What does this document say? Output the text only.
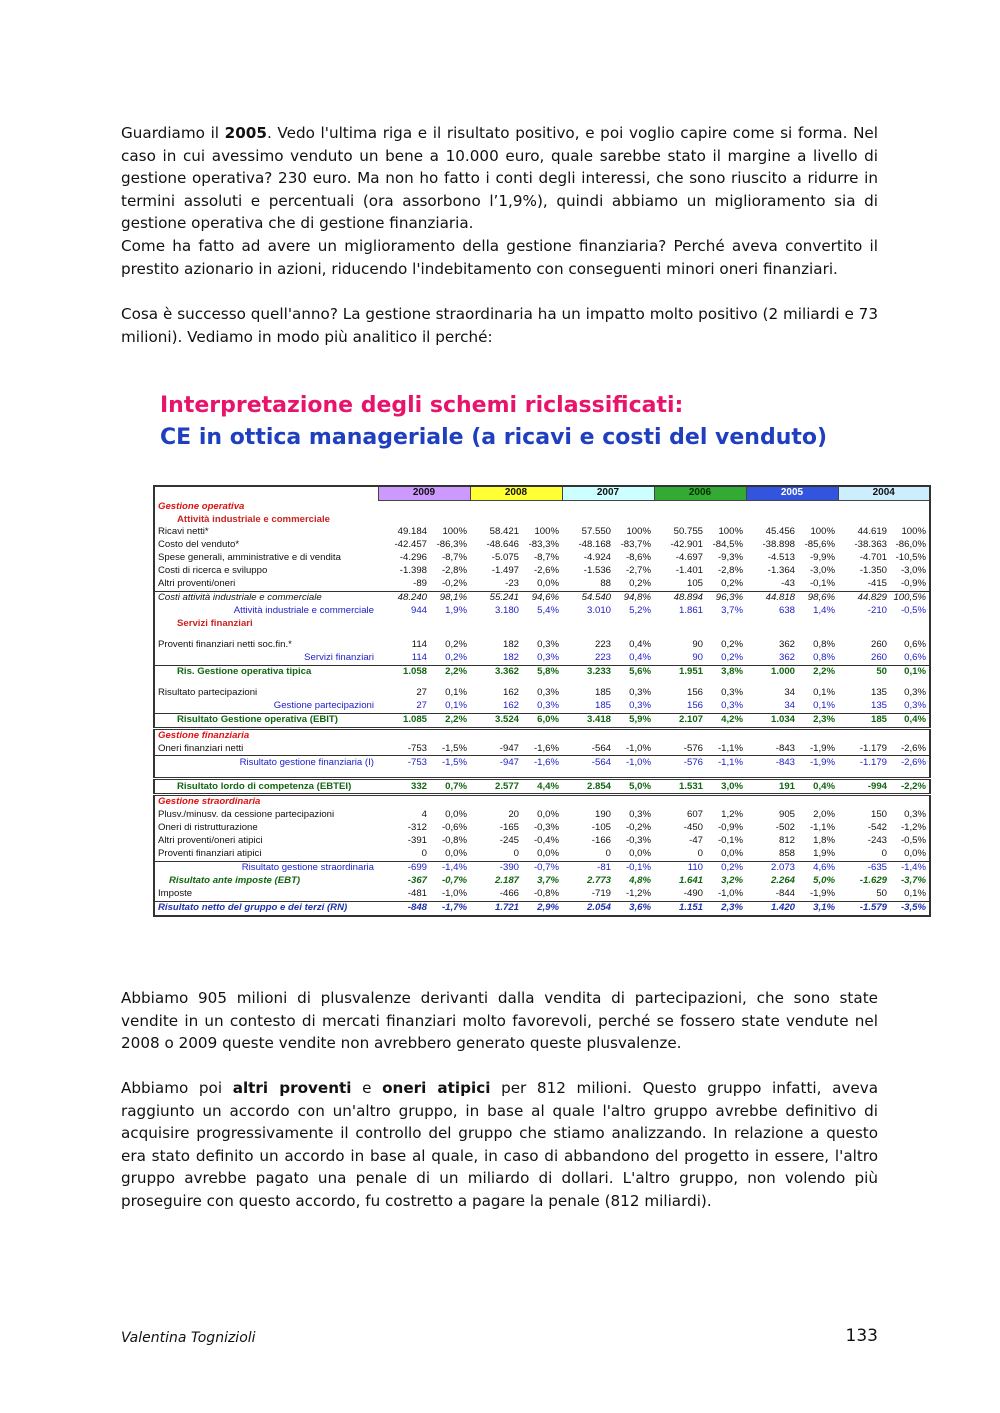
Guardiamo il 2005. Vedo l'ultima riga e il risultato positivo, e poi voglio capire come si forma. Nel caso in cui avessimo venduto un bene a 10.000 euro, quale sarebbe stato il margine a livello di gestione operativa? 230 euro. Ma non ho fatto i conti degli interessi, che sono riuscito a ridurre in termini assoluti e percentuali (ora assorbono l’1,9%), quindi abbiamo un miglioramento sia di gestione operativa che di gestione finanziaria.

Come ha fatto ad avere un miglioramento della gestione finanziaria? Perché aveva convertito il prestito azionario in azioni, riducendo l'indebitamento con conseguenti minori oneri finanziari.

Cosa è successo quell'anno? La gestione straordinaria ha un impatto molto positivo (2 miliardi e 73 milioni). Vediamo in modo più analitico il perché:

Interpretazione degli schemi riclassificati:

CE in ottica manageriale (a ricavi e costi del venduto)

	2009		2008		2007		2006		2005		2004	
Gestione operativa												
Attività industriale e commerciale												
Ricavi netti*	49.184	100%	58.421	100%	57.550	100%	50.755	100%	45.456	100%	44.619	100%
Costo del venduto*	-42.457	-86,3%	-48.646	-83,3%	-48.168	-83,7%	-42.901	-84,5%	-38.898	-85,6%	-38.363	-86,0%
Spese generali, amministrative e di vendita	-4.296	-8,7%	-5.075	-8,7%	-4.924	-8,6%	-4.697	-9,3%	-4.513	-9,9%	-4.701	-10,5%
Costi di ricerca e sviluppo	-1.398	-2,8%	-1.497	-2,6%	-1.536	-2,7%	-1.401	-2,8%	-1.364	-3,0%	-1.350	-3,0%
Altri proventi/oneri	-89	-0,2%	-23	0,0%	88	0,2%	105	0,2%	-43	-0,1%	-415	-0,9%
Costi attività industriale e commerciale	48.240	98,1%	55.241	94,6%	54.540	94,8%	48.894	96,3%	44.818	98,6%	44.829	100,5%
Attività industriale e commerciale	944	1,9%	3.180	5,4%	3.010	5,2%	1.861	3,7%	638	1,4%	-210	-0,5%
Servizi finanziari												

Proventi finanziari netti soc.fin.*	114	0,2%	182	0,3%	223	0,4%	90	0,2%	362	0,8%	260	0,6%
Servizi finanziari	114	0,2%	182	0,3%	223	0,4%	90	0,2%	362	0,8%	260	0,6%
Ris. Gestione operativa tipica	1.058	2,2%	3.362	5,8%	3.233	5,6%	1.951	3,8%	1.000	2,2%	50	0,1%

Risultato partecipazioni	27	0,1%	162	0,3%	185	0,3%	156	0,3%	34	0,1%	135	0,3%
Gestione partecipazioni	27	0,1%	162	0,3%	185	0,3%	156	0,3%	34	0,1%	135	0,3%
Risultato Gestione operativa (EBIT)	1.085	2,2%	3.524	6,0%	3.418	5,9%	2.107	4,2%	1.034	2,3%	185	0,4%
Gestione finanziaria												
Oneri finanziari netti	-753	-1,5%	-947	-1,6%	-564	-1,0%	-576	-1,1%	-843	-1,9%	-1.179	-2,6%
Risultato gestione finanziaria (I)	-753	-1,5%	-947	-1,6%	-564	-1,0%	-576	-1,1%	-843	-1,9%	-1.179	-2,6%

Risultato lordo di competenza (EBTEI)	332	0,7%	2.577	4,4%	2.854	5,0%	1.531	3,0%	191	0,4%	-994	-2,2%
Gestione straordinaria												
Plusv./minusv. da cessione partecipazioni	4	0,0%	20	0,0%	190	0,3%	607	1,2%	905	2,0%	150	0,3%
Oneri di ristrutturazione	-312	-0,6%	-165	-0,3%	-105	-0,2%	-450	-0,9%	-502	-1,1%	-542	-1,2%
Altri proventi/oneri atipici	-391	-0,8%	-245	-0,4%	-166	-0,3%	-47	-0,1%	812	1,8%	-243	-0,5%
Proventi finanziari atipici	0	0,0%	0	0,0%	0	0,0%	0	0,0%	858	1,9%	0	0,0%
Risultato gestione straordinaria	-699	-1,4%	-390	-0,7%	-81	-0,1%	110	0,2%	2.073	4,6%	-635	-1,4%
Risultato ante imposte (EBT)	-367	-0,7%	2.187	3,7%	2.773	4,8%	1.641	3,2%	2.264	5,0%	-1.629	-3,7%
Imposte	-481	-1,0%	-466	-0,8%	-719	-1,2%	-490	-1,0%	-844	-1,9%	50	0,1%
Risultato netto del gruppo e dei terzi (RN)	-848	-1,7%	1.721	2,9%	2.054	3,6%	1.151	2,3%	1.420	3,1%	-1.579	-3,5%

Abbiamo 905 milioni di plusvalenze derivanti dalla vendita di partecipazioni, che sono state vendite in un contesto di mercati finanziari molto favorevoli, perché se fossero state vendute nel 2008 o 2009 queste vendite non avrebbero generato queste plusvalenze.

Abbiamo poi altri proventi e oneri atipici per 812 milioni. Questo gruppo infatti, aveva raggiunto un accordo con un'altro gruppo, in base al quale l'altro gruppo avrebbe definitivo di acquisire progressivamente il controllo del gruppo che stiamo analizzando. In relazione a questo era stato definito un accordo in base al quale, in caso di abbandono del progetto in essere, l'altro gruppo avrebbe pagato una penale di un miliardo di dollari. L'altro gruppo, non volendo più proseguire con questo accordo, fu costretto a pagare la penale (812 miliardi).

Valentina Tognizioli	133
